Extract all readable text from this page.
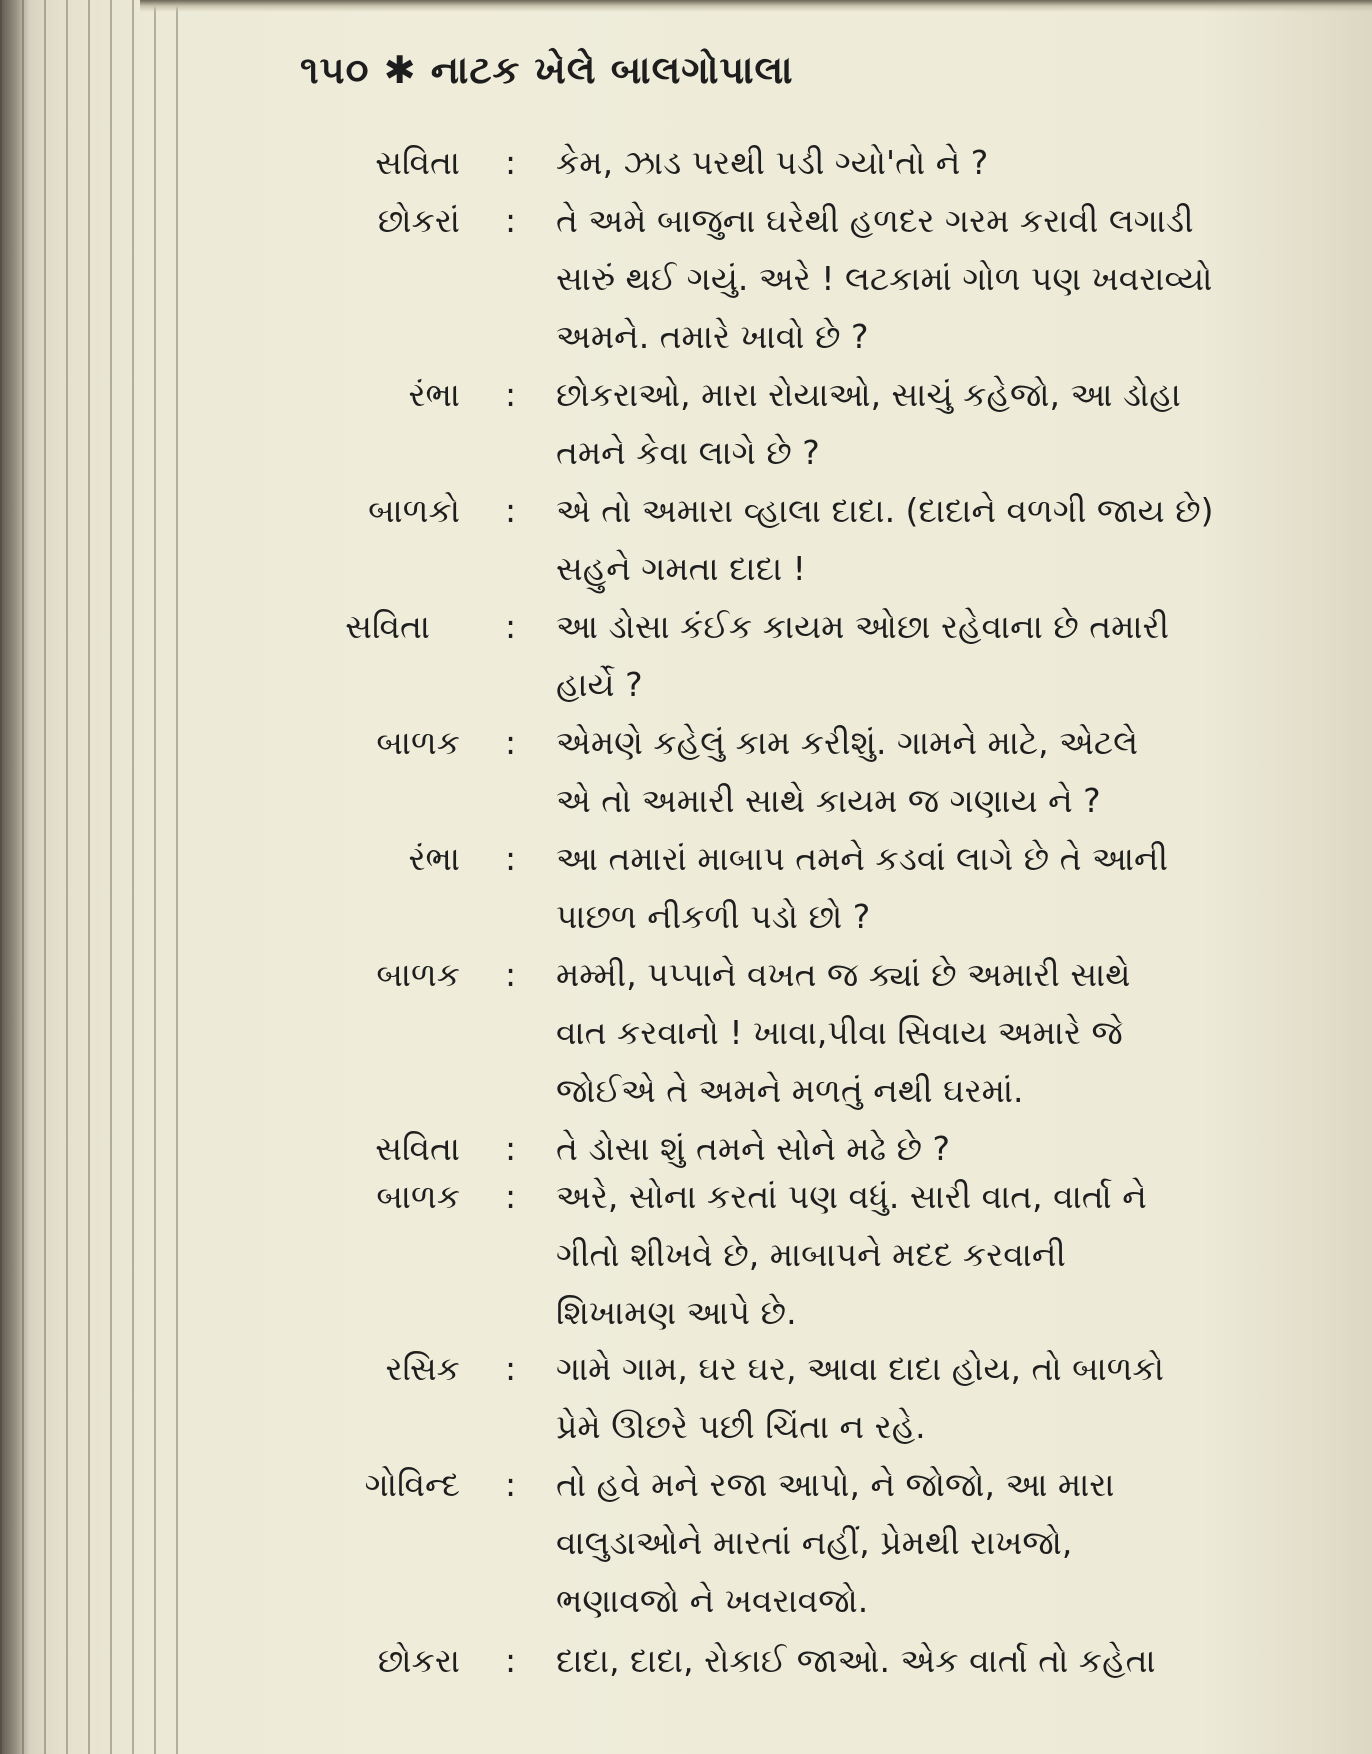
૧૫૦ ✱ નાટક ખેલે બાલગોપાલા
સવિતા : કેમ, ઝાડ પરથી પડી ગ્યો'તો ને ?
છોકરાં : તે અમે બાજુના ઘરેથી હળદર ગરમ કરાવી લગાડી
સારું થઈ ગયું. અરે ! લટકામાં ગોળ પણ ખવરાવ્યો
અમને. તમારે ખાવો છે ?
રંભા : છોકરાઓ, મારા રોયાઓ, સાચું કહેજો, આ ડોહા
તમને કેવા લાગે છે ?
બાળકો : એ તો અમારા વ્હાલા દાદા. (દાદાને વળગી જાય છે)
સહુને ગમતા દાદા !
સવિતા : આ ડોસા કંઈક કાયમ ઓછા રહેવાના છે તમારી
હાર્યે ?
બાળક : એમણે કહેલું કામ કરીશું. ગામને માટે, એટલે
એ તો અમારી સાથે કાયમ જ ગણાય ને ?
રંભા : આ તમારાં માબાપ તમને કડવાં લાગે છે તે આની
પાછળ નીકળી પડો છો ?
બાળક : મમ્મી, પપ્પાને વખત જ ક્યાં છે અમારી સાથે
વાત કરવાનો ! ખાવા,પીવા સિવાય અમારે જે
જોઈએ તે અમને મળતું નથી ઘરમાં.
સવિતા : તે ડોસા શું તમને સોને મઢે છે ?
બાળક : અરે, સોના કરતાં પણ વધું. સારી વાત, વાર્તા ને
ગીતો શીખવે છે, માબાપને મદદ કરવાની
શિખામણ આપે છે.
રસિક : ગામે ગામ, ઘર ઘર, આવા દાદા હોય, તો બાળકો
પ્રેમે ઊછરે પછી ચિંતા ન રહે.
ગોવિન્દ : તો હવે મને રજા આપો, ને જોજો, આ મારા
વાલુડાઓને મારતાં નહીં, પ્રેમથી રાખજો,
ભણાવજો ને ખવરાવજો.
છોકરા : દાદા, દાદા, રોકાઈ જાઓ. એક વાર્તા તો કહેતા
